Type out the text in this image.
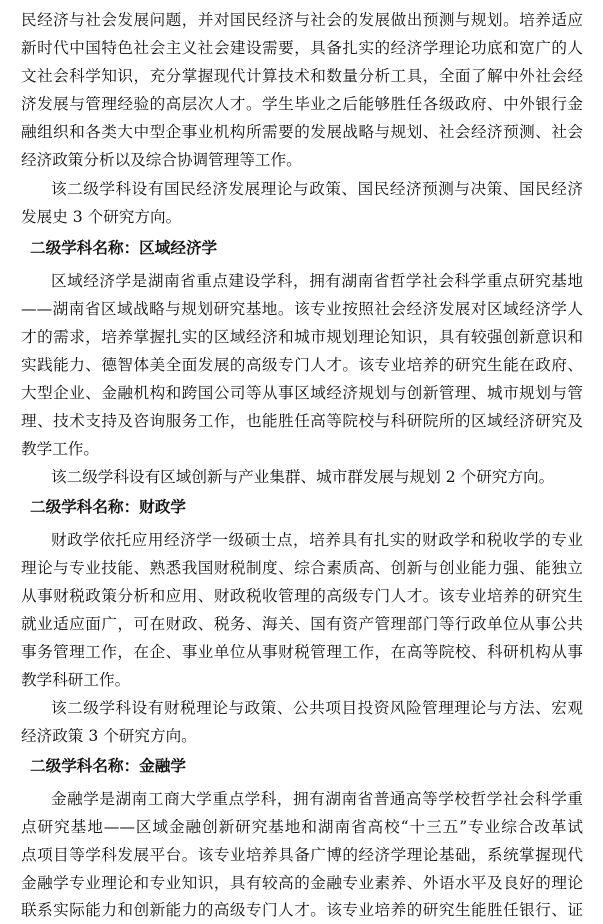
民经济与社会发展问题，并对国民经济与社会的发展做出预测与规划。培养适应
新时代中国特色社会主义社会建设需要，具备扎实的经济学理论功底和宽广的人
文社会科学知识，充分掌握现代计算技术和数量分析工具，全面了解中外社会经
济发展与管理经验的高层次人才。学生毕业之后能够胜任各级政府、中外银行金
融组织和各类大中型企事业机构所需要的发展战略与规划、社会经济预测、社会
经济政策分析以及综合协调管理等工作。
该二级学科设有国民经济发展理论与政策、国民经济预测与决策、国民经济
发展史 3 个研究方向。
二级学科名称：区域经济学
区域经济学是湖南省重点建设学科，拥有湖南省哲学社会科学重点研究基地
——湖南省区域战略与规划研究基地。该专业按照社会经济发展对区域经济学人
才的需求，培养掌握扎实的区域经济和城市规划理论知识，具有较强创新意识和
实践能力、德智体美全面发展的高级专门人才。该专业培养的研究生能在政府、
大型企业、金融机构和跨国公司等从事区域经济规划与创新管理、城市规划与管
理、技术支持及咨询服务工作，也能胜任高等院校与科研院所的区域经济研究及
教学工作。
该二级学科设有区域创新与产业集群、城市群发展与规划 2 个研究方向。
二级学科名称：财政学
财政学依托应用经济学一级硕士点，培养具有扎实的财政学和税收学的专业
理论与专业技能、熟悉我国财税制度、综合素质高、创新与创业能力强、能独立
从事财税政策分析和应用、财政税收管理的高级专门人才。该专业培养的研究生
就业适应面广，可在财政、税务、海关、国有资产管理部门等行政单位从事公共
事务管理工作，在企、事业单位从事财税管理工作，在高等院校、科研机构从事
教学科研工作。
该二级学科设有财税理论与政策、公共项目投资风险管理理论与方法、宏观
经济政策 3 个研究方向。
二级学科名称：金融学
金融学是湖南工商大学重点学科，拥有湖南省普通高等学校哲学社会科学重
点研究基地——区域金融创新研究基地和湖南省高校“十三五”专业综合改革试
点项目等学科发展平台。该专业培养具备广博的经济学理论基础，系统掌握现代
金融学专业理论和专业知识，具有较高的金融专业素养、外语水平及良好的理论
联系实际能力和创新能力的高级专门人才。该专业培养的研究生能胜任银行、证
